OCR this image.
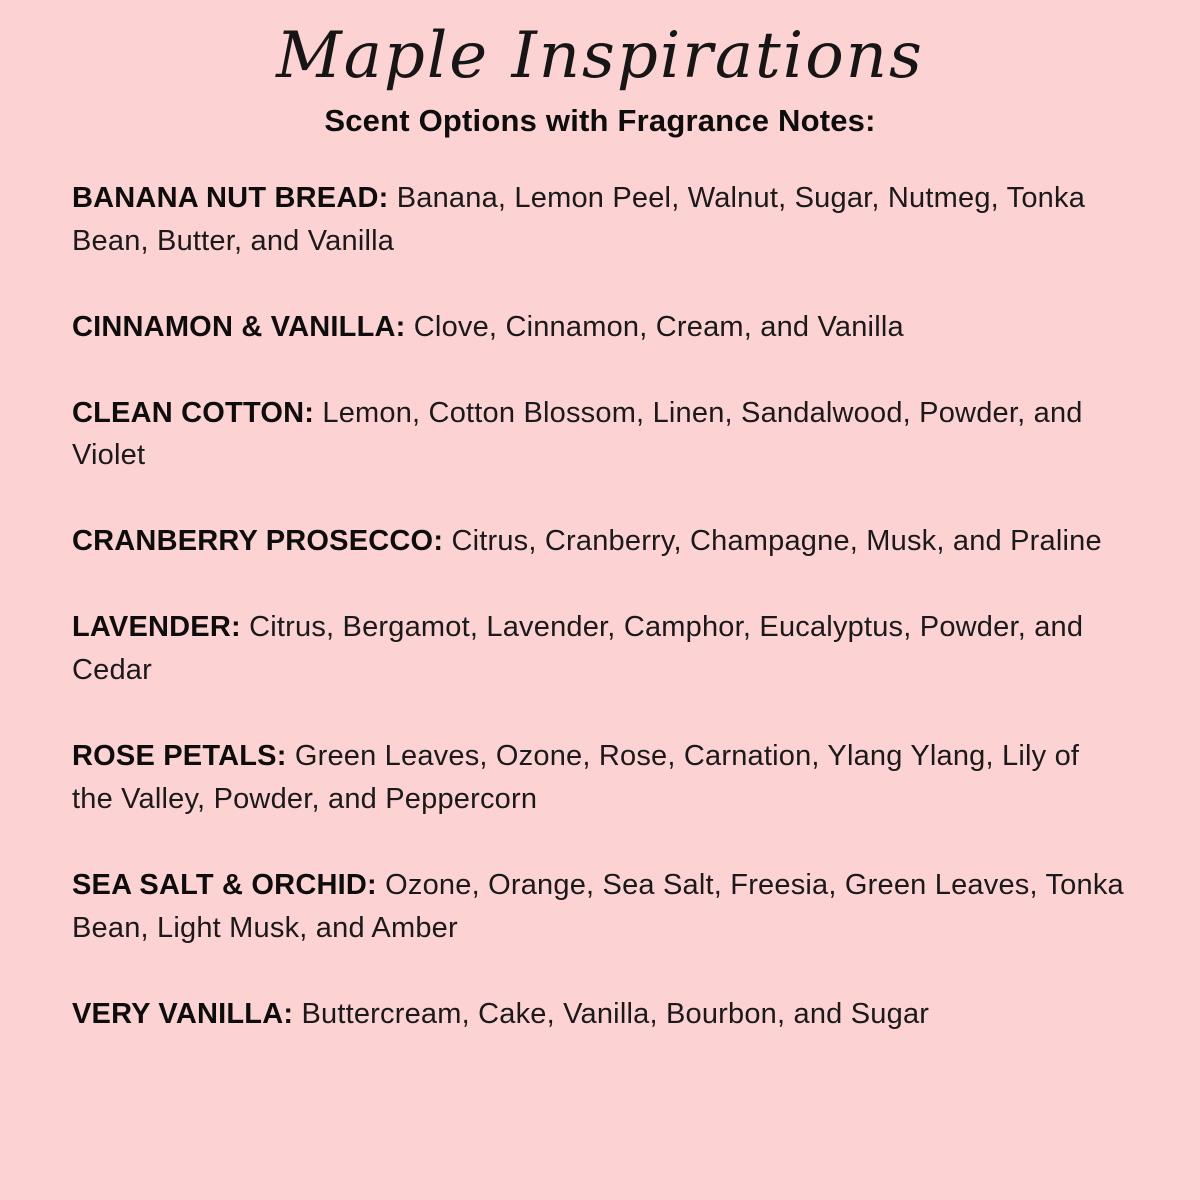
Maple Inspirations
Scent Options with Fragrance Notes:

BANANA NUT BREAD: Banana, Lemon Peel, Walnut, Sugar, Nutmeg, Tonka Bean, Butter, and Vanilla

CINNAMON & VANILLA: Clove, Cinnamon, Cream, and Vanilla

CLEAN COTTON: Lemon, Cotton Blossom, Linen, Sandalwood, Powder, and Violet

CRANBERRY PROSECCO: Citrus, Cranberry, Champagne, Musk, and Praline

LAVENDER: Citrus, Bergamot, Lavender, Camphor, Eucalyptus, Powder, and Cedar

ROSE PETALS: Green Leaves, Ozone, Rose, Carnation, Ylang Ylang, Lily of the Valley, Powder, and Peppercorn

SEA SALT & ORCHID: Ozone, Orange, Sea Salt, Freesia, Green Leaves, Tonka Bean, Light Musk, and Amber

VERY VANILLA: Buttercream, Cake, Vanilla, Bourbon, and Sugar
